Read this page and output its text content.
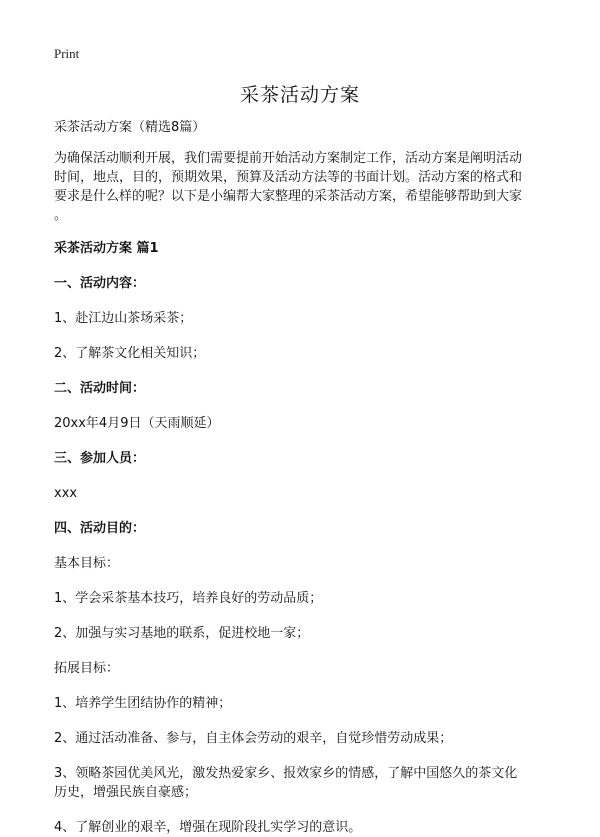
Print
采茶活动方案

采茶活动方案（精选8篇）

为确保活动顺利开展，我们需要提前开始活动方案制定工作，活动方案是阐明活动

时间，地点，目的，预期效果，预算及活动方法等的书面计划。活动方案的格式和

要求是什么样的呢？以下是小编帮大家整理的采茶活动方案，希望能够帮助到大家

。

采茶活动方案 篇1

一、活动内容：

1、赴江边山茶场采茶；

2、了解茶文化相关知识；

二、活动时间：

20xx年4月9日（天雨顺延）

三、参加人员：

xxx

四、活动目的：

基本目标：

1、学会采茶基本技巧，培养良好的劳动品质；

2、加强与实习基地的联系，促进校地一家；

拓展目标：

1、培养学生团结协作的精神；

2、通过活动准备、参与，自主体会劳动的艰辛，自觉珍惜劳动成果；

3、领略茶园优美风光，激发热爱家乡、报效家乡的情感，了解中国悠久的茶文化

历史，增强民族自豪感；

4、了解创业的艰辛，增强在现阶段扎实学习的意识。
